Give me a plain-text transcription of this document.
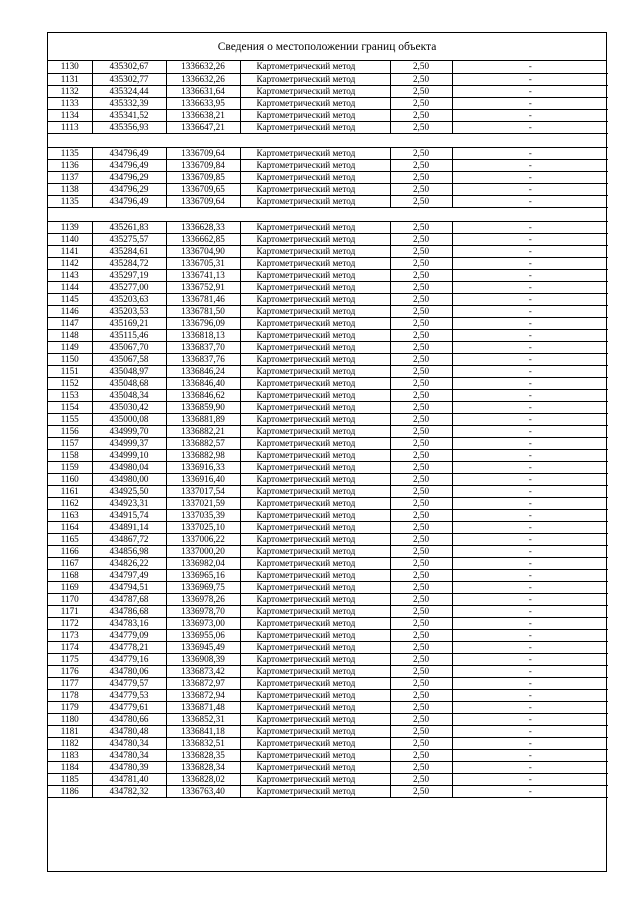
Сведения о местоположении границ объекта
1130	435302,67	1336632,26	Картометрический метод	2,50	-
1131	435302,77	1336632,26	Картометрический метод	2,50	-
1132	435324,44	1336631,64	Картометрический метод	2,50	-
1133	435332,39	1336633,95	Картометрический метод	2,50	-
1134	435341,52	1336638,21	Картометрический метод	2,50	-
1113	435356,93	1336647,21	Картометрический метод	2,50	-

1135	434796,49	1336709,64	Картометрический метод	2,50	-
1136	434796,49	1336709,84	Картометрический метод	2,50	-
1137	434796,29	1336709,85	Картометрический метод	2,50	-
1138	434796,29	1336709,65	Картометрический метод	2,50	-
1135	434796,49	1336709,64	Картометрический метод	2,50	-

1139	435261,83	1336628,33	Картометрический метод	2,50	-
1140	435275,57	1336662,85	Картометрический метод	2,50	-
1141	435284,61	1336704,90	Картометрический метод	2,50	-
1142	435284,72	1336705,31	Картометрический метод	2,50	-
1143	435297,19	1336741,13	Картометрический метод	2,50	-
1144	435277,00	1336752,91	Картометрический метод	2,50	-
1145	435203,63	1336781,46	Картометрический метод	2,50	-
1146	435203,53	1336781,50	Картометрический метод	2,50	-
1147	435169,21	1336796,09	Картометрический метод	2,50	-
1148	435115,46	1336818,13	Картометрический метод	2,50	-
1149	435067,70	1336837,70	Картометрический метод	2,50	-
1150	435067,58	1336837,76	Картометрический метод	2,50	-
1151	435048,97	1336846,24	Картометрический метод	2,50	-
1152	435048,68	1336846,40	Картометрический метод	2,50	-
1153	435048,34	1336846,62	Картометрический метод	2,50	-
1154	435030,42	1336859,90	Картометрический метод	2,50	-
1155	435000,08	1336881,89	Картометрический метод	2,50	-
1156	434999,70	1336882,21	Картометрический метод	2,50	-
1157	434999,37	1336882,57	Картометрический метод	2,50	-
1158	434999,10	1336882,98	Картометрический метод	2,50	-
1159	434980,04	1336916,33	Картометрический метод	2,50	-
1160	434980,00	1336916,40	Картометрический метод	2,50	-
1161	434925,50	1337017,54	Картометрический метод	2,50	-
1162	434923,31	1337021,59	Картометрический метод	2,50	-
1163	434915,74	1337035,39	Картометрический метод	2,50	-
1164	434891,14	1337025,10	Картометрический метод	2,50	-
1165	434867,72	1337006,22	Картометрический метод	2,50	-
1166	434856,98	1337000,20	Картометрический метод	2,50	-
1167	434826,22	1336982,04	Картометрический метод	2,50	-
1168	434797,49	1336965,16	Картометрический метод	2,50	-
1169	434794,51	1336969,75	Картометрический метод	2,50	-
1170	434787,68	1336978,26	Картометрический метод	2,50	-
1171	434786,68	1336978,70	Картометрический метод	2,50	-
1172	434783,16	1336973,00	Картометрический метод	2,50	-
1173	434779,09	1336955,06	Картометрический метод	2,50	-
1174	434778,21	1336945,49	Картометрический метод	2,50	-
1175	434779,16	1336908,39	Картометрический метод	2,50	-
1176	434780,06	1336873,42	Картометрический метод	2,50	-
1177	434779,57	1336872,97	Картометрический метод	2,50	-
1178	434779,53	1336872,94	Картометрический метод	2,50	-
1179	434779,61	1336871,48	Картометрический метод	2,50	-
1180	434780,66	1336852,31	Картометрический метод	2,50	-
1181	434780,48	1336841,18	Картометрический метод	2,50	-
1182	434780,34	1336832,51	Картометрический метод	2,50	-
1183	434780,34	1336828,35	Картометрический метод	2,50	-
1184	434780,39	1336828,34	Картометрический метод	2,50	-
1185	434781,40	1336828,02	Картометрический метод	2,50	-
1186	434782,32	1336763,40	Картометрический метод	2,50	-
